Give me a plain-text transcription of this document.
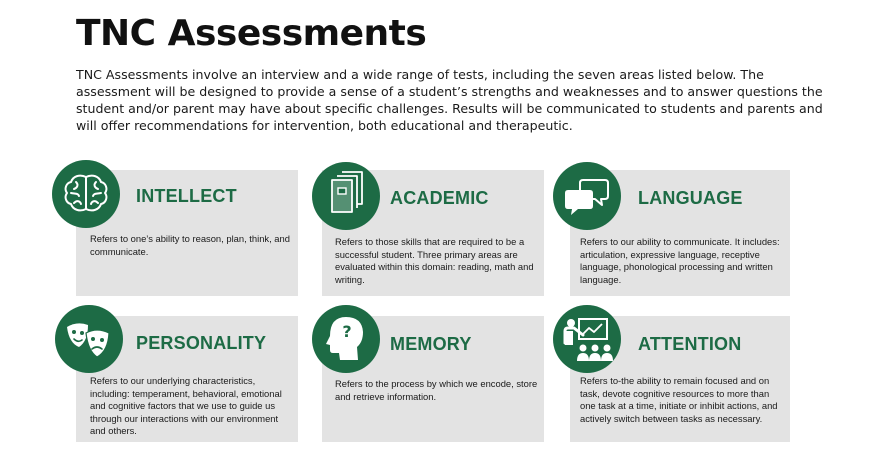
TNC Assessments

TNC Assessments involve an interview and a wide range of tests, including the seven areas listed below. The assessment will be designed to provide a sense of a student’s strengths and weaknesses and to answer questions the student and/or parent may have about specific challenges. Results will be communicated to students and parents and will offer recommendations for intervention, both educational and therapeutic.

INTELLECT

Refers to one’s ability to reason, plan, think, and communicate.

ACADEMIC

Refers to those skills that are required to be a successful student. Three primary areas are evaluated within this domain: reading, math and writing.

LANGUAGE

Refers to our ability to communicate. It includes: articulation, expressive language, receptive language, phonological processing and written language.

PERSONALITY

Refers to our underlying characteristics, including: temperament, behavioral, emotional and cognitive factors that we use to guide us through our interactions with our environment and others.

?
MEMORY

Refers to the process by which we encode, store and retrieve information.

ATTENTION

Refers to-the ability to remain focused and on task, devote cognitive resources to more than one task at a time, initiate or inhibit actions, and actively switch between tasks as necessary.
